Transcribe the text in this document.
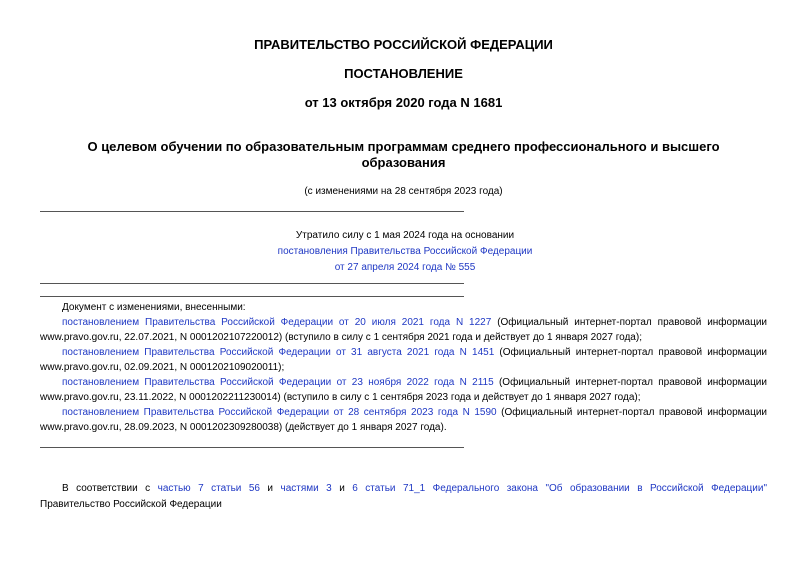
ПРАВИТЕЛЬСТВО РОССИЙСКОЙ ФЕДЕРАЦИИ
ПОСТАНОВЛЕНИЕ
от 13 октября 2020 года N 1681
О целевом обучении по образовательным программам среднего профессионального и высшего образования
(с изменениями на 28 сентября 2023 года)
Утратило силу с 1 мая 2024 года на основании
постановления Правительства Российской Федерации
от 27 апреля 2024 года № 555
Документ с изменениями, внесенными:
постановлением Правительства Российской Федерации от 20 июля 2021 года N 1227 (Официальный интернет-портал правовой информации www.pravo.gov.ru, 22.07.2021, N 0001202107220012) (вступило в силу с 1 сентября 2021 года и действует до 1 января 2027 года);
постановлением Правительства Российской Федерации от 31 августа 2021 года N 1451 (Официальный интернет-портал правовой информации www.pravo.gov.ru, 02.09.2021, N 0001202109020011);
постановлением Правительства Российской Федерации от 23 ноября 2022 года N 2115 (Официальный интернет-портал правовой информации www.pravo.gov.ru, 23.11.2022, N 0001202211230014) (вступило в силу с 1 сентября 2023 года и действует до 1 января 2027 года);
постановлением Правительства Российской Федерации от 28 сентября 2023 года N 1590 (Официальный интернет-портал правовой информации www.pravo.gov.ru, 28.09.2023, N 0001202309280038) (действует до 1 января 2027 года).
В соответствии с частью 7 статьи 56 и частями 3 и 6 статьи 71_1 Федерального закона "Об образовании в Российской Федерации"
Правительство Российской Федерации
